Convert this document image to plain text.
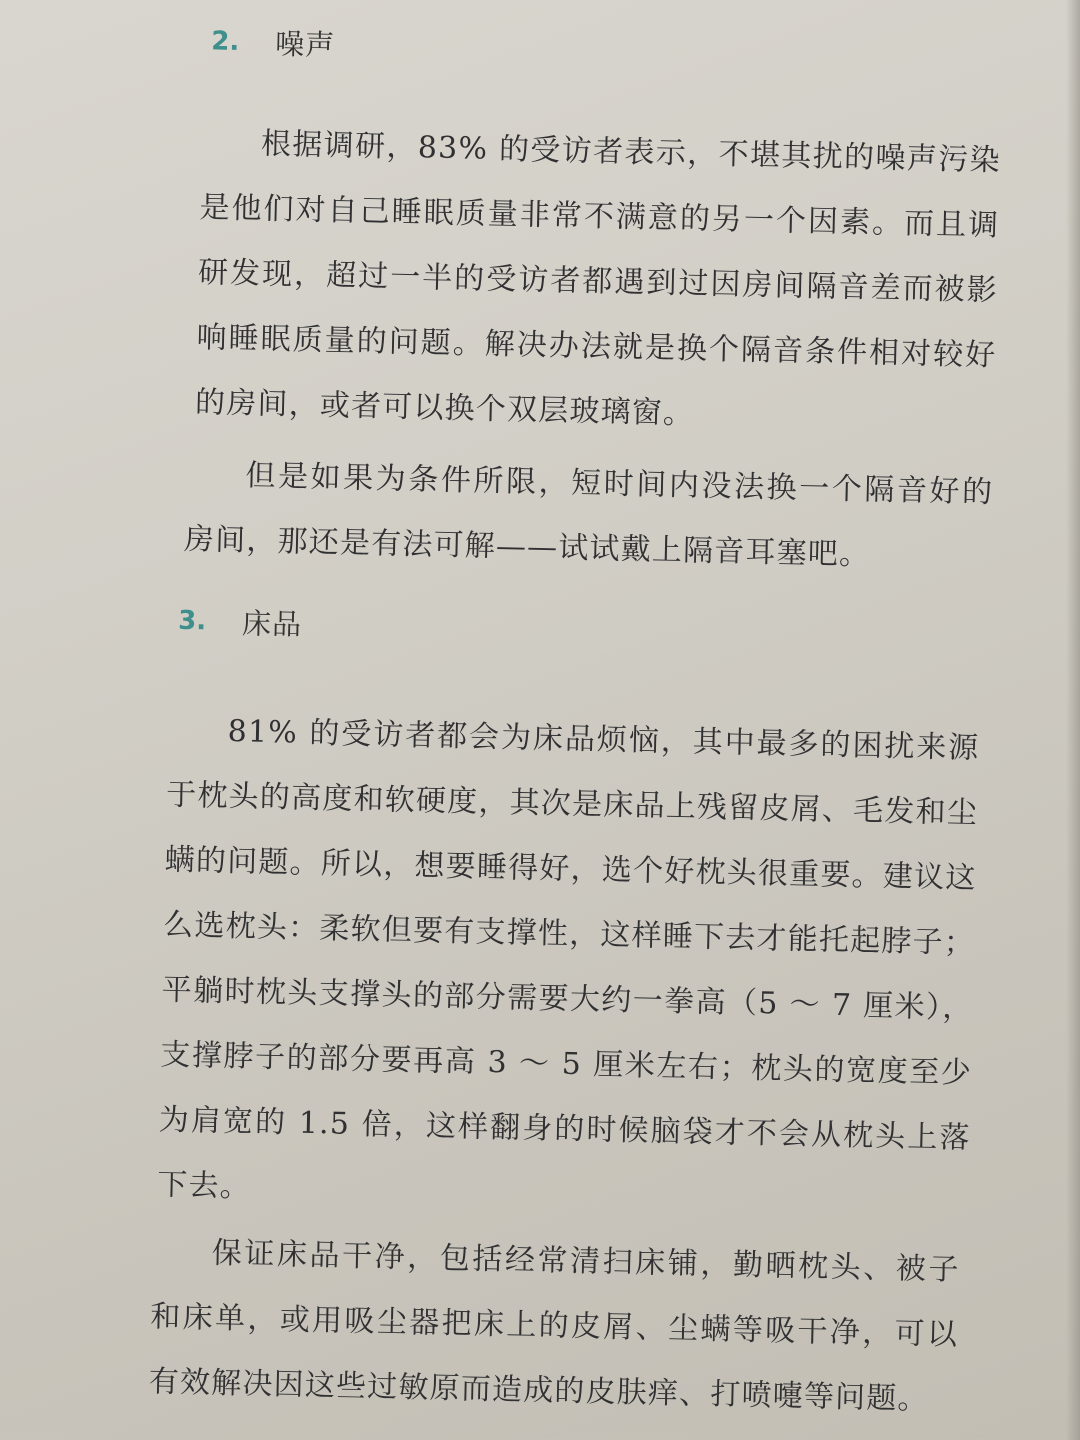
2.	噪声

根据调研，83% 的受访者表示，不堪其扰的噪声污染是他们对自己睡眠质量非常不满意的另一个因素。而且调研发现，超过一半的受访者都遇到过因房间隔音差而被影响睡眠质量的问题。解决办法就是换个隔音条件相对较好的房间，或者可以换个双层玻璃窗。

但是如果为条件所限，短时间内没法换一个隔音好的房间，那还是有法可解——试试戴上隔音耳塞吧。

3.	床品

81% 的受访者都会为床品烦恼，其中最多的困扰来源于枕头的高度和软硬度，其次是床品上残留皮屑、毛发和尘螨的问题。所以，想要睡得好，选个好枕头很重要。建议这么选枕头：柔软但要有支撑性，这样睡下去才能托起脖子；平躺时枕头支撑头的部分需要大约一拳高（5 ～ 7 厘米），支撑脖子的部分要再高 3 ～ 5 厘米左右；枕头的宽度至少为肩宽的 1.5 倍，这样翻身的时候脑袋才不会从枕头上落下去。

保证床品干净，包括经常清扫床铺，勤晒枕头、被子和床单，或用吸尘器把床上的皮屑、尘螨等吸干净，可以有效解决因这些过敏原而造成的皮肤痒、打喷嚏等问题。
